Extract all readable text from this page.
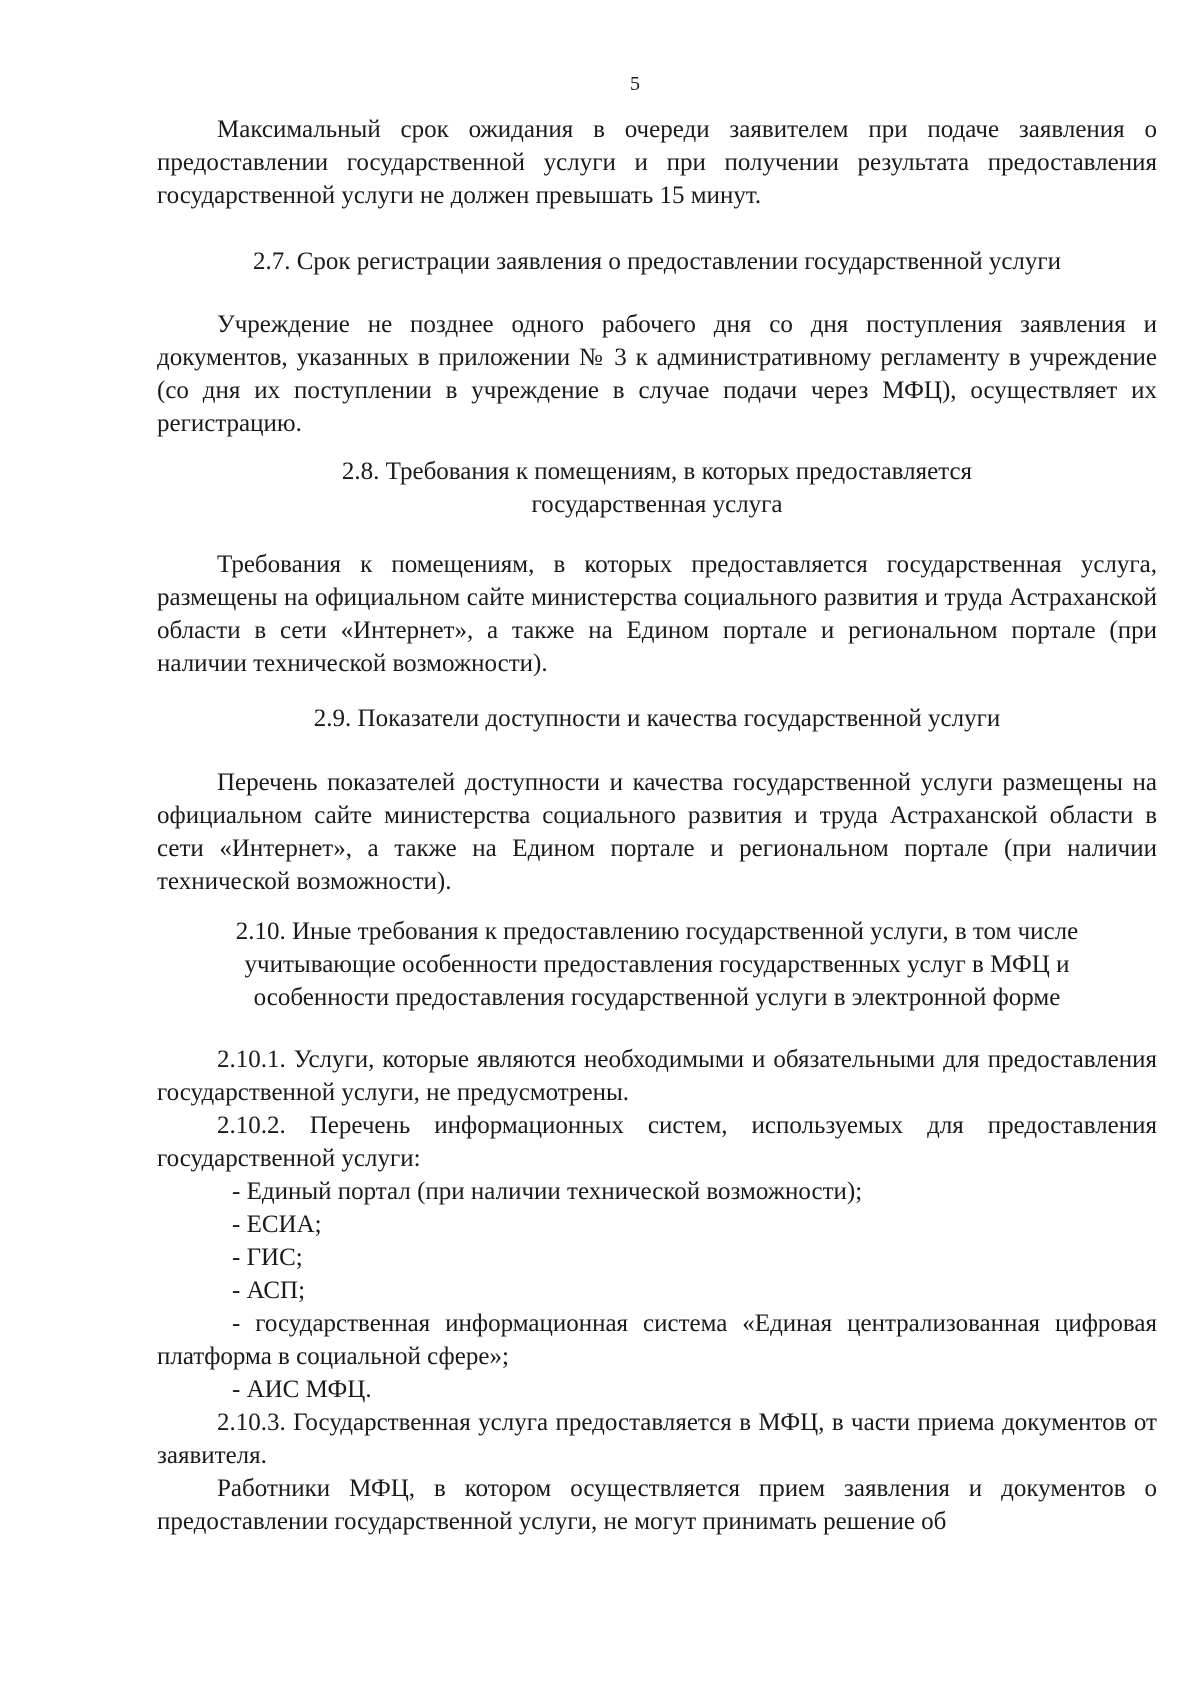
5
Максимальный срок ожидания в очереди заявителем при подаче заявления о предоставлении государственной услуги и при получении результата предоставления государственной услуги не должен превышать 15 минут.
2.7. Срок регистрации заявления о предоставлении государственной услуги
Учреждение не позднее одного рабочего дня со дня поступления заявления и документов, указанных в приложении № 3 к административному регламенту в учреждение (со дня их поступлении в учреждение в случае подачи через МФЦ), осуществляет их регистрацию.
2.8. Требования к помещениям, в которых предоставляется
государственная услуга
Требования к помещениям, в которых предоставляется государственная услуга, размещены на официальном сайте министерства социального развития и труда Астраханской области в сети «Интернет», а также на Едином портале и региональном портале (при наличии технической возможности).
2.9. Показатели доступности и качества государственной услуги
Перечень показателей доступности и качества государственной услуги размещены на официальном сайте министерства социального развития и труда Астраханской области в сети «Интернет», а также на Едином портале и региональном портале (при наличии технической возможности).
2.10. Иные требования к предоставлению государственной услуги, в том числе
учитывающие особенности предоставления государственных услуг в МФЦ и
особенности предоставления государственной услуги в электронной форме
2.10.1. Услуги, которые являются необходимыми и обязательными для предоставления государственной услуги, не предусмотрены.
2.10.2. Перечень информационных систем, используемых для предоставления государственной услуги:
- Единый портал (при наличии технической возможности);
- ЕСИА;
- ГИС;
- АСП;
- государственная информационная система «Единая централизованная цифровая платформа в социальной сфере»;
- АИС МФЦ.
2.10.3. Государственная услуга предоставляется в МФЦ, в части приема документов от заявителя.
Работники МФЦ, в котором осуществляется прием заявления и документов о предоставлении государственной услуги, не могут принимать решение об
